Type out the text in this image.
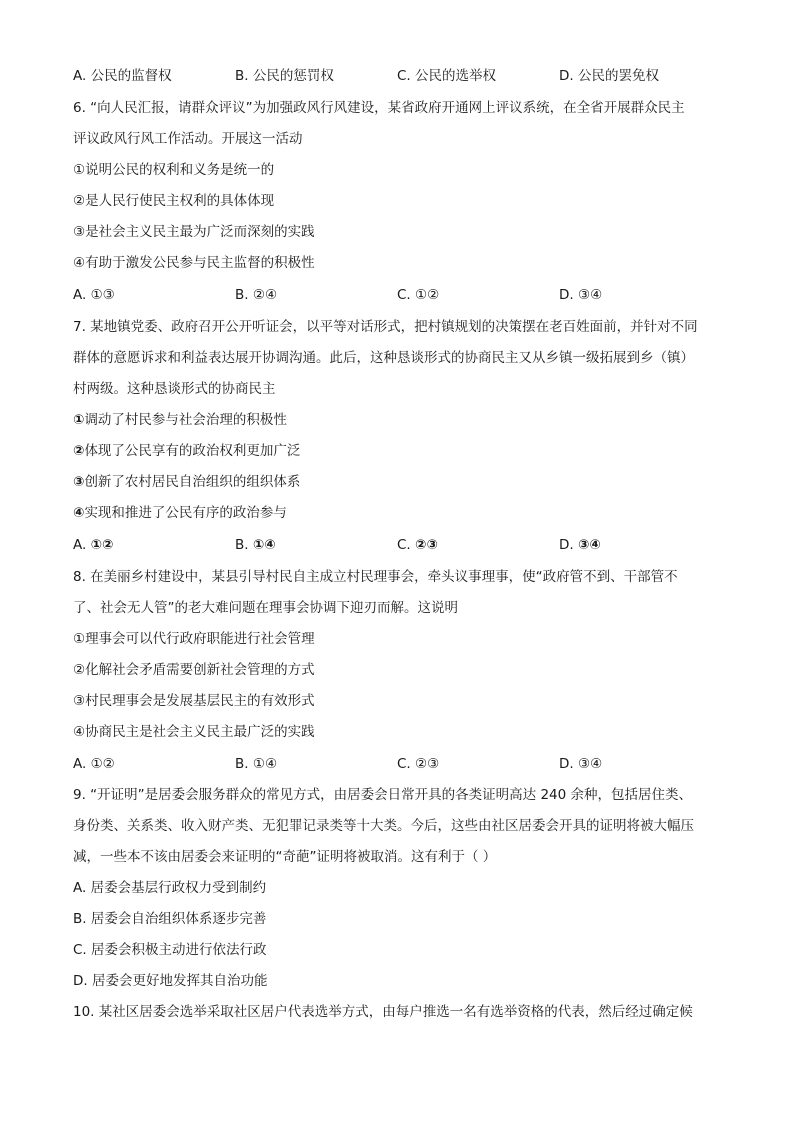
A. 公民的监督权	B. 公民的惩罚权	C. 公民的选举权	D. 公民的罢免权
6. “向人民汇报，请群众评议”为加强政风行风建设，某省政府开通网上评议系统，在全省开展群众民主
评议政风行风工作活动。开展这一活动
①说明公民的权利和义务是统一的
②是人民行使民主权利的具体体现
③是社会主义民主最为广泛而深刻的实践
④有助于激发公民参与民主监督的积极性
A. ①③	B. ②④	C. ①②	D. ③④
7. 某地镇党委、政府召开公开听证会，以平等对话形式，把村镇规划的决策摆在老百姓面前，并针对不同
群体的意愿诉求和利益表达展开协调沟通。此后，这种恳谈形式的协商民主又从乡镇一级拓展到乡（镇）
村两级。这种恳谈形式的协商民主
①调动了村民参与社会治理的积极性
②体现了公民享有的政治权利更加广泛
③创新了农村居民自治组织的组织体系
④实现和推进了公民有序的政治参与
A. ①②	B. ①④	C. ②③	D. ③④
8. 在美丽乡村建设中，某县引导村民自主成立村民理事会，牵头议事理事，使“政府管不到、干部管不
了、社会无人管”的老大难问题在理事会协调下迎刃而解。这说明
①理事会可以代行政府职能进行社会管理
②化解社会矛盾需要创新社会管理的方式
③村民理事会是发展基层民主的有效形式
④协商民主是社会主义民主最广泛的实践
A. ①②	B. ①④	C. ②③	D. ③④
9. “开证明”是居委会服务群众的常见方式，由居委会日常开具的各类证明高达 240 余种，包括居住类、
身份类、关系类、收入财产类、无犯罪记录类等十大类。今后，这些由社区居委会开具的证明将被大幅压
减，一些本不该由居委会来证明的“奇葩”证明将被取消。这有利于（ ）
A. 居委会基层行政权力受到制约
B. 居委会自治组织体系逐步完善
C. 居委会积极主动进行依法行政
D. 居委会更好地发挥其自治功能
10. 某社区居委会选举采取社区居户代表选举方式，由每户推选一名有选举资格的代表，然后经过确定候
